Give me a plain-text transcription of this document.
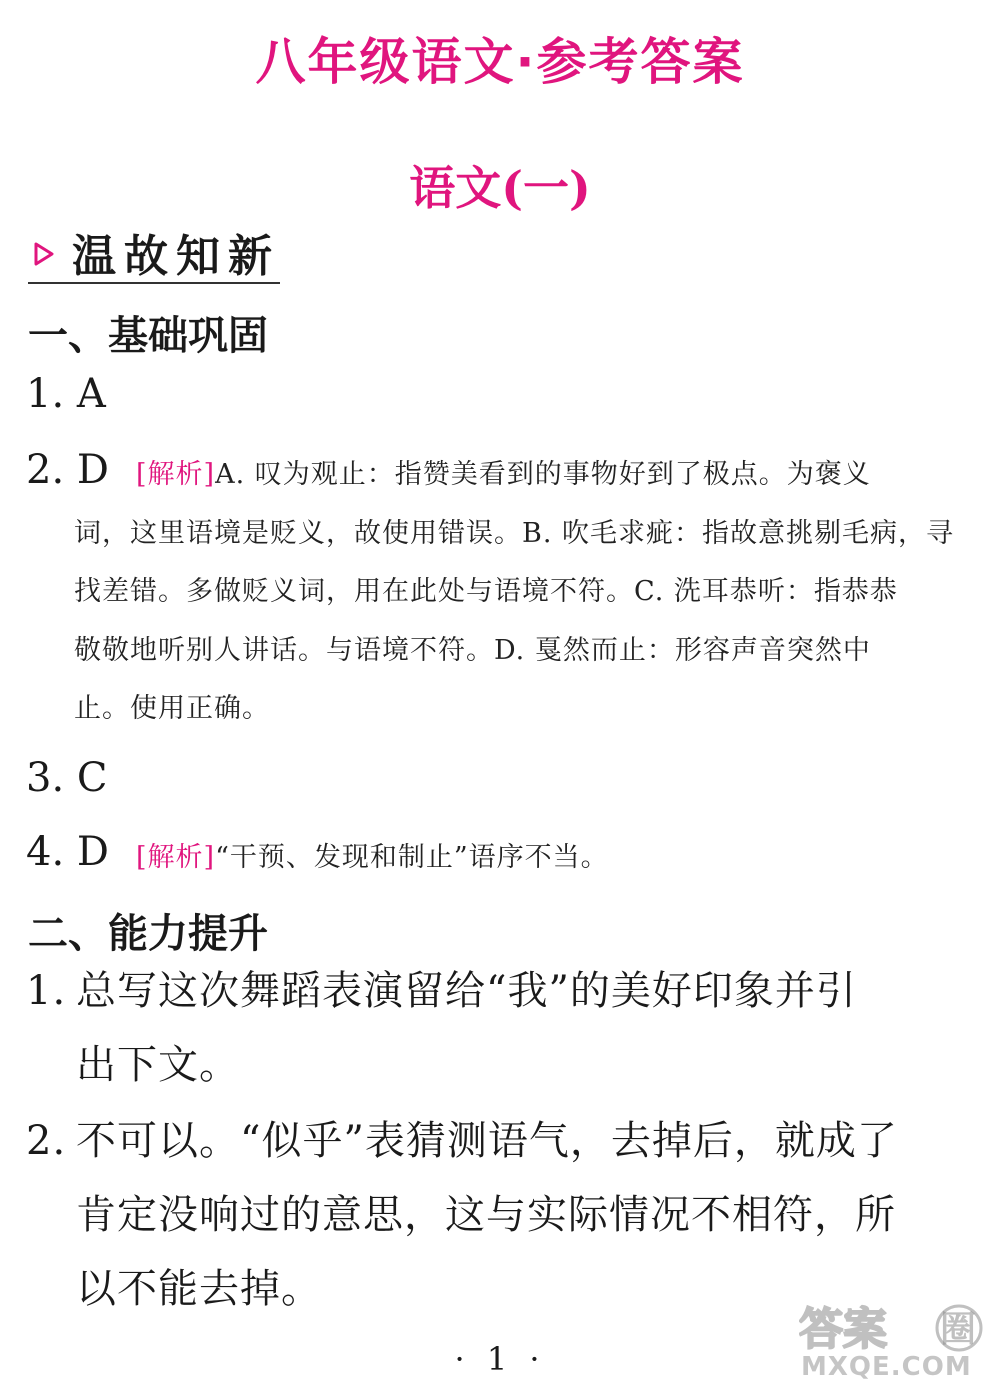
八年级语文·参考答案
语文(一)
温故知新
一、基础巩固
1. A
2. D	[解析]A. 叹为观止：指赞美看到的事物好到了极点。为褒义
词，这里语境是贬义，故使用错误。B. 吹毛求疵：指故意挑剔毛病，寻
找差错。多做贬义词，用在此处与语境不符。C. 洗耳恭听：指恭恭
敬敬地听别人讲话。与语境不符。D. 戛然而止：形容声音突然中
止。使用正确。
3. C
4. D	[解析]“干预、发现和制止”语序不当。
二、能力提升
1. 总写这次舞蹈表演留给“我”的美好印象并引
出下文。
2. 不可以。“似乎”表猜测语气，去掉后，就成了
肯定没响过的意思，这与实际情况不相符，所
以不能去掉。
· 1 ·
答案 圈
MXQE.COM
